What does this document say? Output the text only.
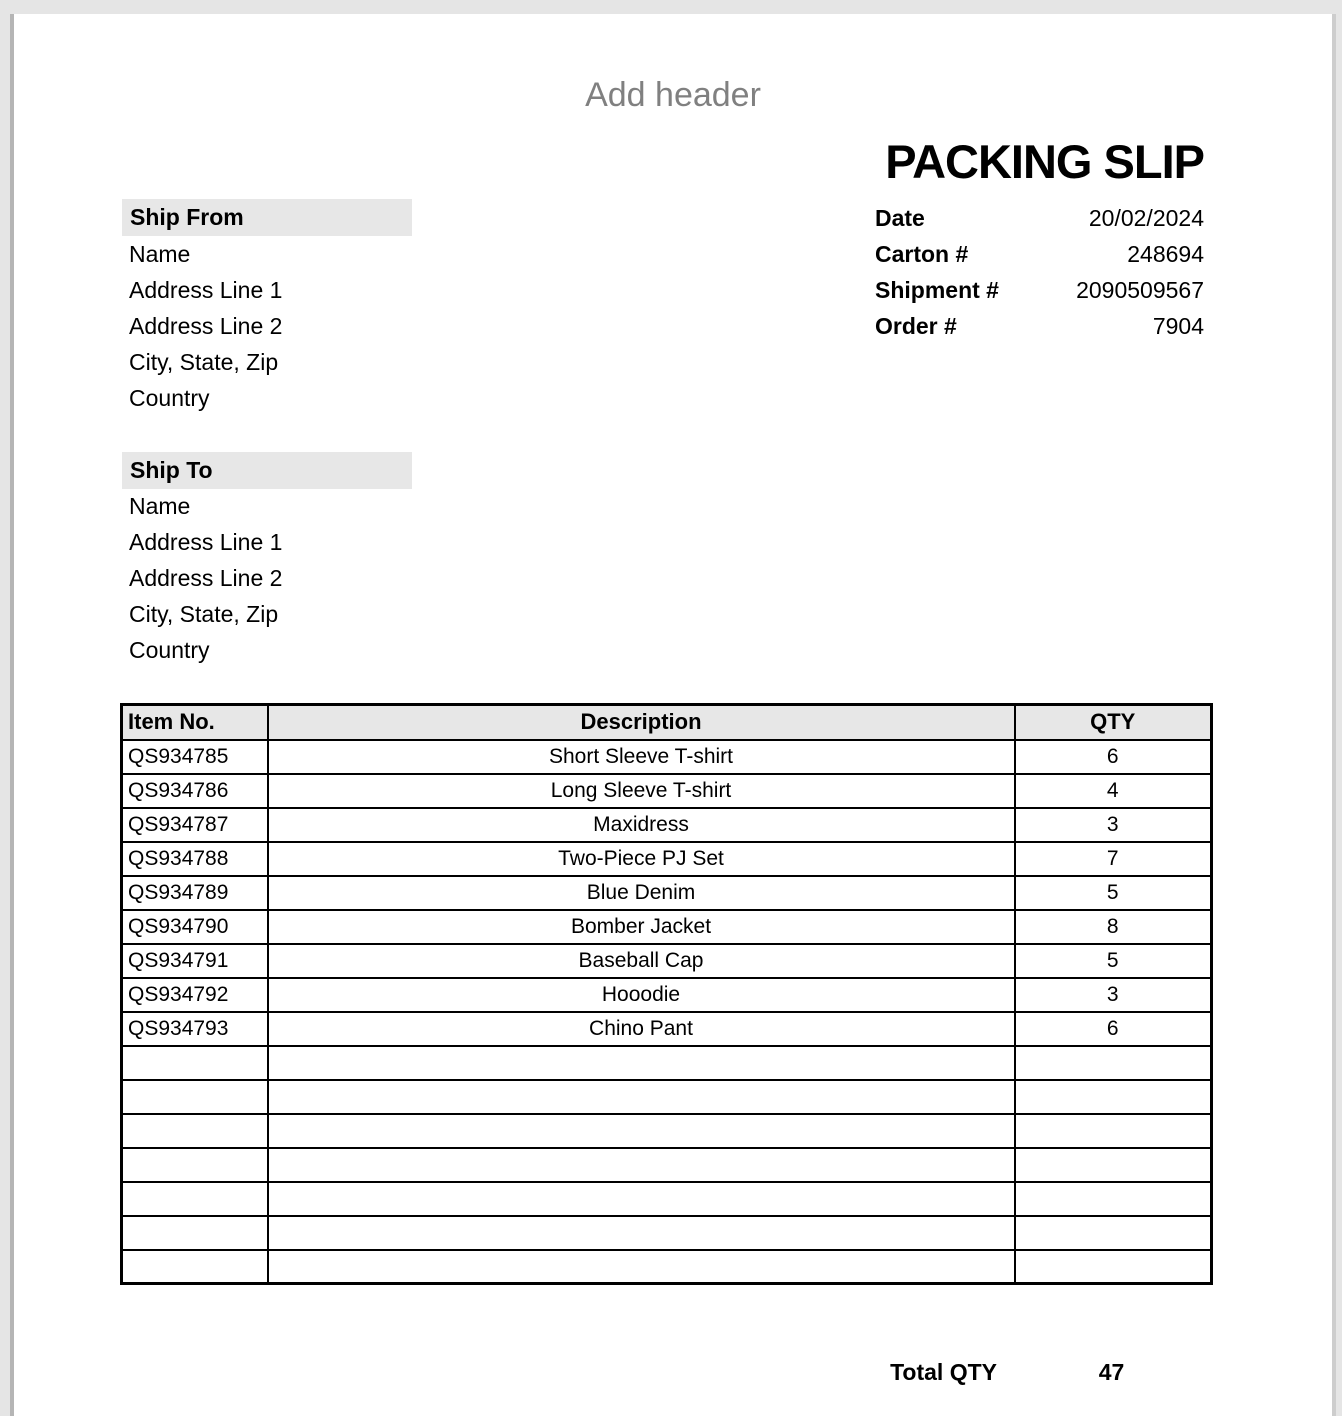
Add header
PACKING SLIP
Date	20/02/2024
Carton #	248694
Shipment #	2090509567
Order #	7904
Ship From
Name
Address Line 1
Address Line 2
City, State, Zip
Country
Ship To
Name
Address Line 1
Address Line 2
City, State, Zip
Country
Item No.	Description	QTY
QS934785	Short Sleeve T-shirt	6
QS934786	Long Sleeve T-shirt	4
QS934787	Maxidress	3
QS934788	Two-Piece PJ Set	7
QS934789	Blue Denim	5
QS934790	Bomber Jacket	8
QS934791	Baseball Cap	5
QS934792	Hooodie	3
QS934793	Chino Pant	6

Total QTY	47
